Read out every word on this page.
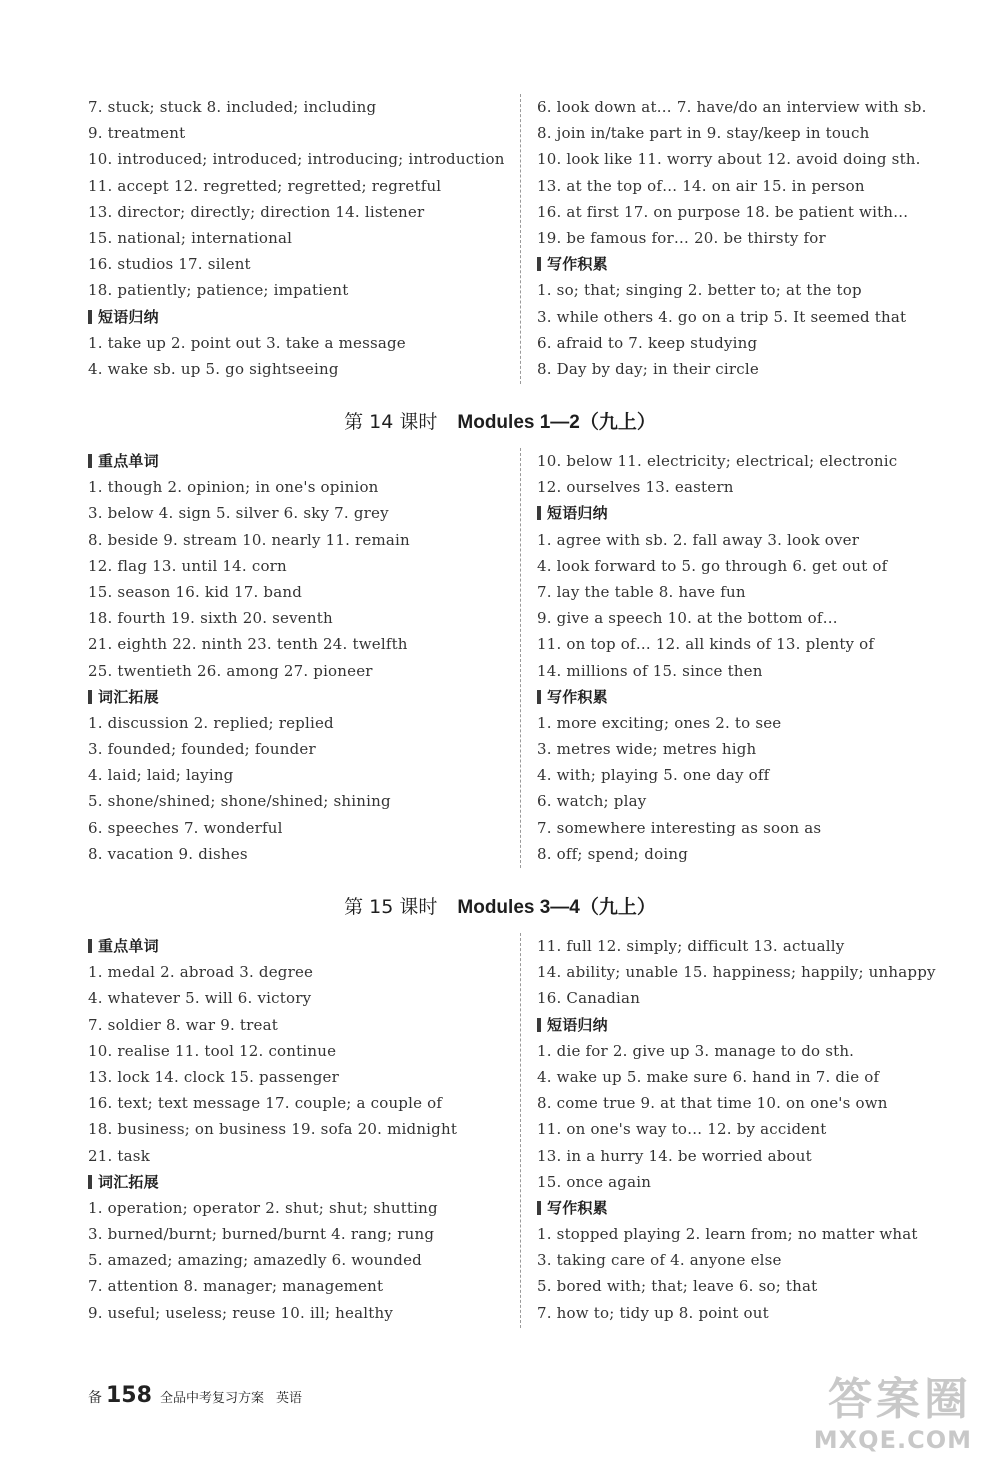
7. stuck; stuck 8. included; including
9. treatment
10. introduced; introduced; introducing; introduction
11. accept 12. regretted; regretted; regretful
13. director; directly; direction 14. listener
15. national; international
16. studios 17. silent
18. patiently; patience; impatient
短语归纳
1. take up 2. point out 3. take a message
4. wake sb. up 5. go sightseeing
6. look down at… 7. have/do an interview with sb.
8. join in/take part in 9. stay/keep in touch
10. look like 11. worry about 12. avoid doing sth.
13. at the top of… 14. on air 15. in person
16. at first 17. on purpose 18. be patient with…
19. be famous for… 20. be thirsty for
写作积累
1. so; that; singing 2. better to; at the top
3. while others 4. go on a trip 5. It seemed that
6. afraid to 7. keep studying
8. Day by day; in their circle
第 14 课时 Modules 1—2（九上）
重点单词
1. though 2. opinion; in one's opinion
3. below 4. sign 5. silver 6. sky 7. grey
8. beside 9. stream 10. nearly 11. remain
12. flag 13. until 14. corn
15. season 16. kid 17. band
18. fourth 19. sixth 20. seventh
21. eighth 22. ninth 23. tenth 24. twelfth
25. twentieth 26. among 27. pioneer
词汇拓展
1. discussion 2. replied; replied
3. founded; founded; founder
4. laid; laid; laying
5. shone/shined; shone/shined; shining
6. speeches 7. wonderful
8. vacation 9. dishes
10. below 11. electricity; electrical; electronic
12. ourselves 13. eastern
短语归纳
1. agree with sb. 2. fall away 3. look over
4. look forward to 5. go through 6. get out of
7. lay the table 8. have fun
9. give a speech 10. at the bottom of…
11. on top of… 12. all kinds of 13. plenty of
14. millions of 15. since then
写作积累
1. more exciting; ones 2. to see
3. metres wide; metres high
4. with; playing 5. one day off
6. watch; play
7. somewhere interesting as soon as
8. off; spend; doing
第 15 课时 Modules 3—4（九上）
重点单词
1. medal 2. abroad 3. degree
4. whatever 5. will 6. victory
7. soldier 8. war 9. treat
10. realise 11. tool 12. continue
13. lock 14. clock 15. passenger
16. text; text message 17. couple; a couple of
18. business; on business 19. sofa 20. midnight
21. task
词汇拓展
1. operation; operator 2. shut; shut; shutting
3. burned/burnt; burned/burnt 4. rang; rung
5. amazed; amazing; amazedly 6. wounded
7. attention 8. manager; management
9. useful; useless; reuse 10. ill; healthy
11. full 12. simply; difficult 13. actually
14. ability; unable 15. happiness; happily; unhappy
16. Canadian
短语归纳
1. die for 2. give up 3. manage to do sth.
4. wake up 5. make sure 6. hand in 7. die of
8. come true 9. at that time 10. on one's own
11. on one's way to… 12. by accident
13. in a hurry 14. be worried about
15. once again
写作积累
1. stopped playing 2. learn from; no matter what
3. taking care of 4. anyone else
5. bored with; that; leave 6. so; that
7. how to; tidy up 8. point out
备 158 全品中考复习方案 英语	答案圈
MXQE.COM
